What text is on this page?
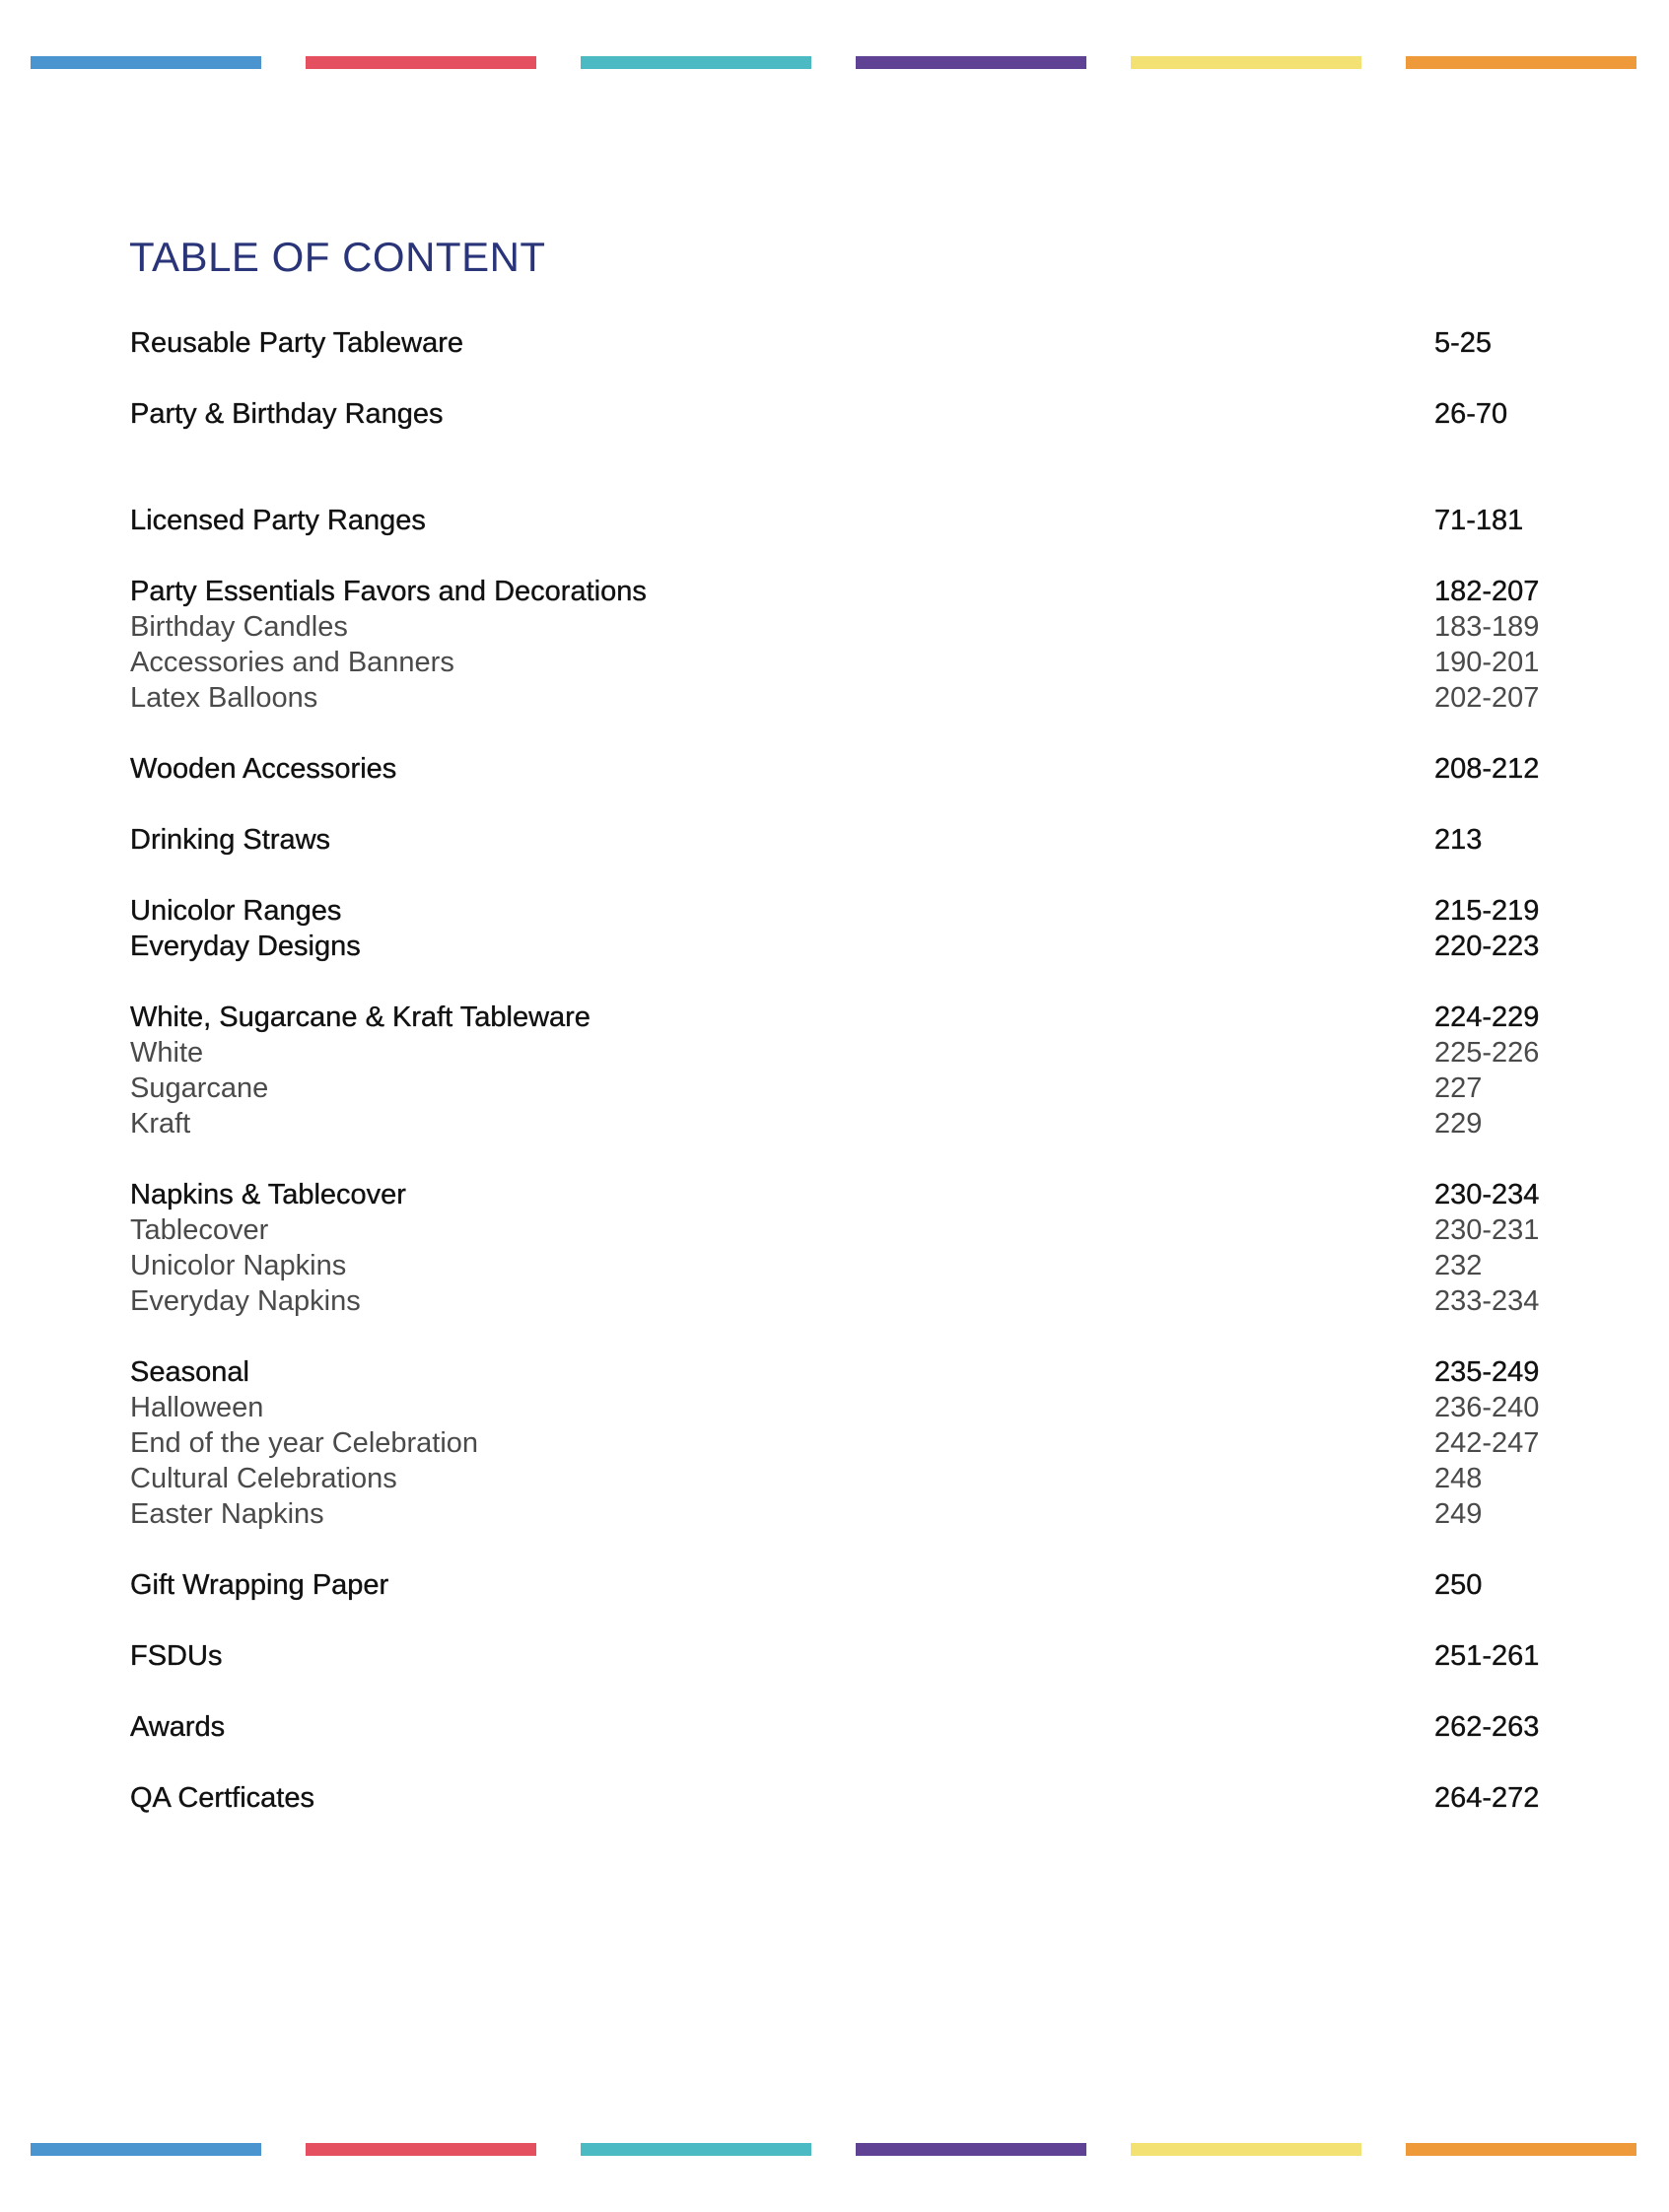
TABLE OF CONTENT
Reusable Party Tableware	5-25
Party & Birthday Ranges	26-70
Licensed Party Ranges	71-181
Party Essentials Favors and Decorations	182-207
Birthday Candles	183-189
Accessories and Banners	190-201
Latex Balloons	202-207
Wooden Accessories	208-212
Drinking Straws	213
Unicolor Ranges	215-219
Everyday Designs	220-223
White, Sugarcane & Kraft Tableware	224-229
White	225-226
Sugarcane	227
Kraft	229
Napkins & Tablecover	230-234
Tablecover	230-231
Unicolor Napkins	232
Everyday Napkins	233-234
Seasonal	235-249
Halloween	236-240
End of the year Celebration	242-247
Cultural Celebrations	248
Easter Napkins	249
Gift Wrapping Paper	250
FSDUs	251-261
Awards	262-263
QA Certficates	264-272
